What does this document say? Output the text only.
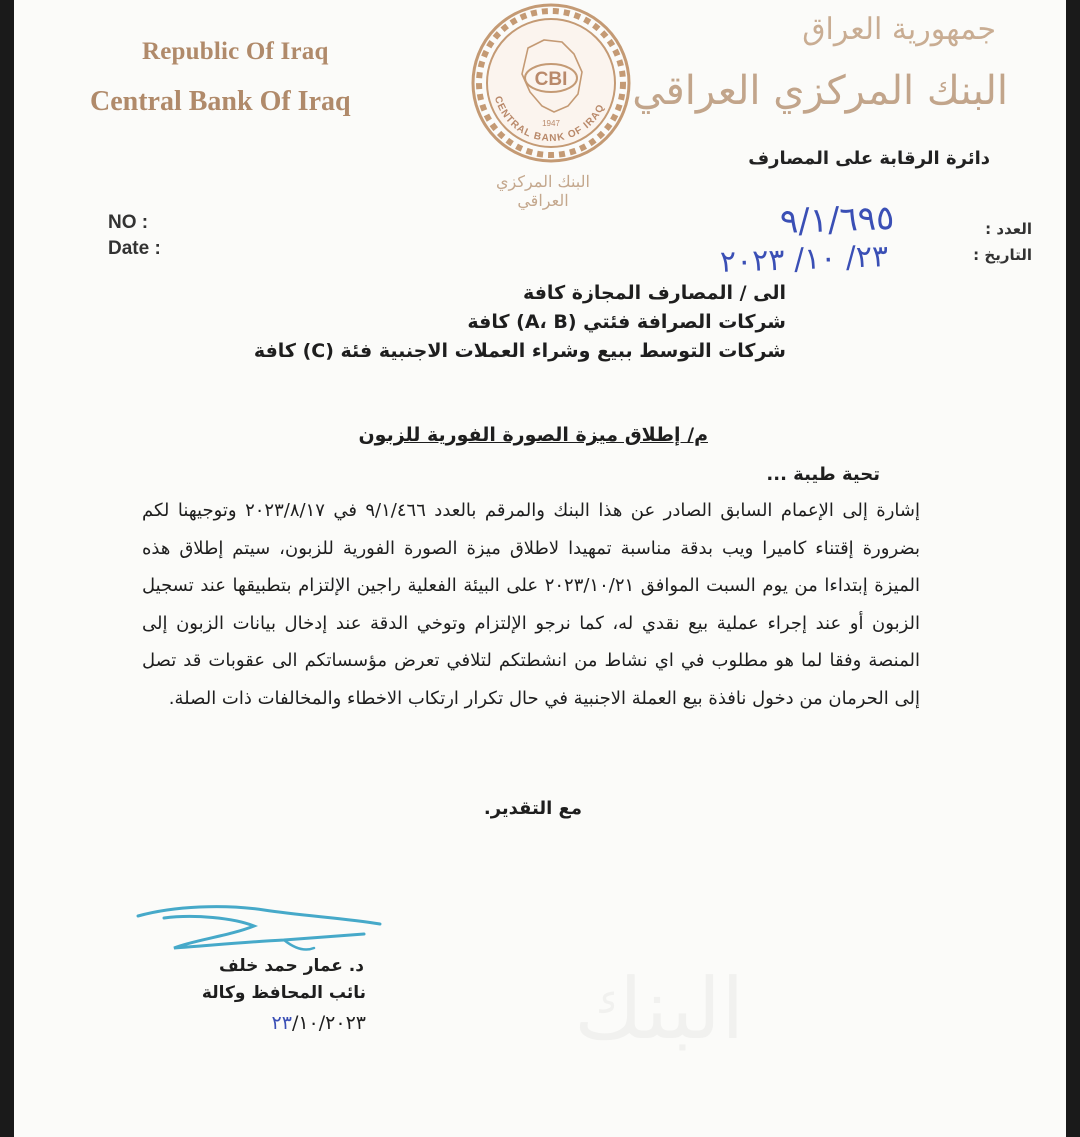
Republic Of Iraq
Central Bank Of Iraq
CBI
CENTRAL BANK OF IRAQ
1947
البنك المركزي العراقي
جمهورية العراق
البنك المركزي العراقي
دائرة الرقابة على المصارف
NO :
Date :
العدد :
التاريخ :
٩/١/٦٩٥
٢٣/ ١٠/ ٢٠٢٣
الى / المصارف المجازة كافة
شركات الصرافة فئتي (A، B) كافة
شركات التوسط ببيع وشراء العملات الاجنبية فئة (C) كافة
م/ إطلاق ميزة الصورة الفورية للزبون
تحية طيبة ...

إشارة إلى الإعمام السابق الصادر عن هذا البنك والمرقم بالعدد ٩/١/٤٦٦ في ٢٠٢٣/٨/١٧ وتوجيهنا لكم بضرورة إقتناء كاميرا ويب بدقة مناسبة تمهيدا لاطلاق ميزة الصورة الفورية للزبون، سيتم إطلاق هذه الميزة إبتداءا من يوم السبت الموافق ٢٠٢٣/١٠/٢١ على البيئة الفعلية راجين الإلتزام بتطبيقها عند تسجيل الزبون أو عند إجراء عملية بيع نقدي له، كما نرجو الإلتزام وتوخي الدقة عند إدخال بيانات الزبون إلى المنصة وفقا لما هو مطلوب في اي نشاط من انشطتكم لتلافي تعرض مؤسساتكم الى عقوبات قد تصل إلى الحرمان من دخول نافذة بيع العملة الاجنبية في حال تكرار ارتكاب الاخطاء والمخالفات ذات الصلة.

مع التقدير.
د. عمار حمد خلف
نائب المحافظ وكالة
٢٣/١٠/٢٠٢٣
